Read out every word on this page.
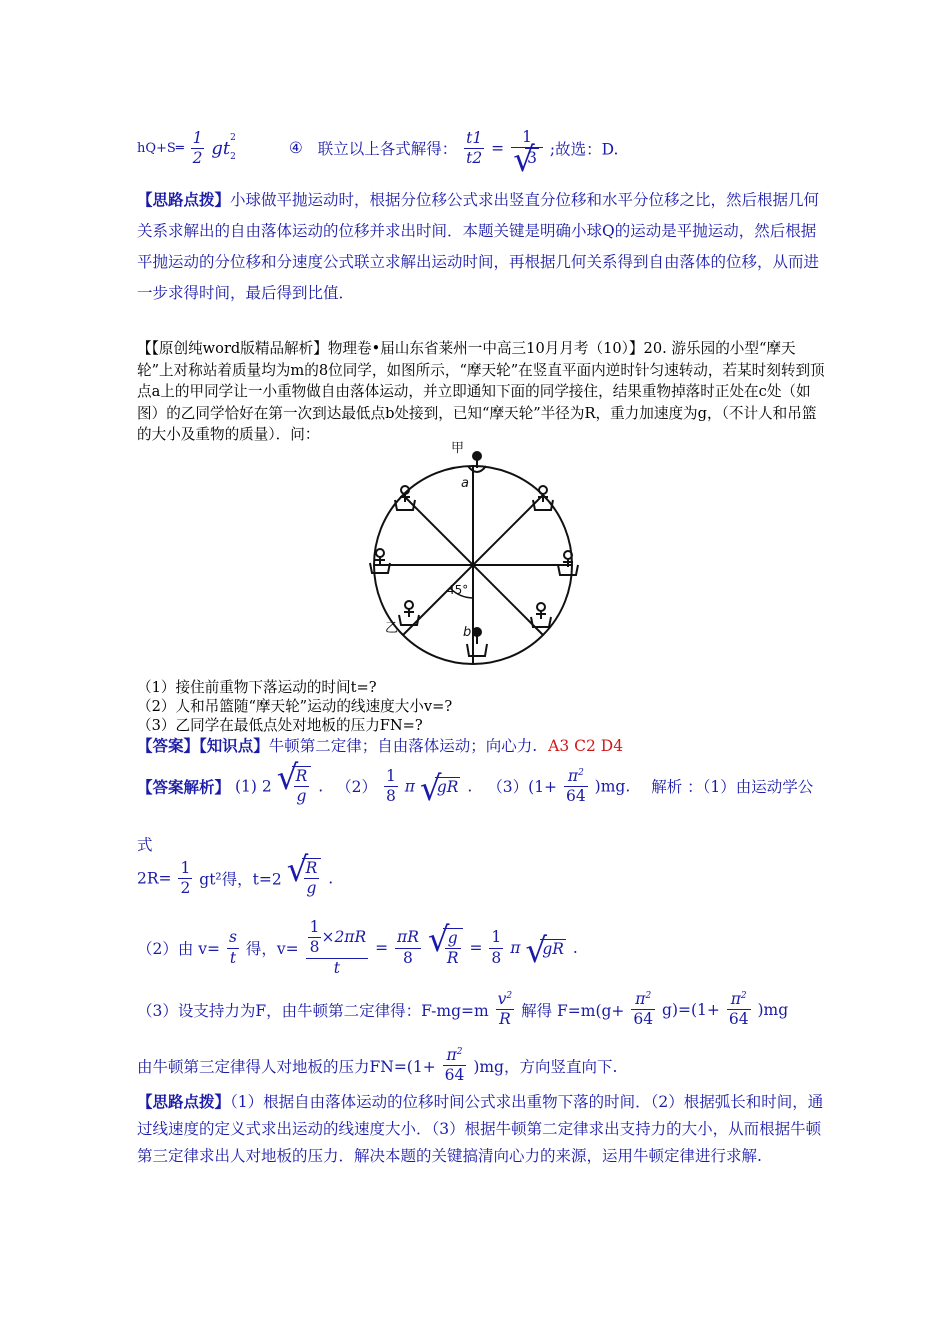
hQ+S═ $\frac{1}{2} gt^2$
$_2$ ④ 联立以上各式解得： $\frac{t1}{t2} = 1$
√ 3 ;故选：D.
【思路点拨】小球做平抛运动时，根据分位移公式求出竖直分位移和水平分位移之比，然后根据几何关系求解出的自由落体运动的位移并求出时间．本题关键是明确小球Q的运动是平抛运动，然后根据平抛运动的分位移和分速度公式联立求解出运动时间，再根据几何关系得到自由落体的位移，从而进一步求得时间，最后得到比值．
【【原创纯word版精品解析】物理卷•届山东省莱州一中高三10月月考（10）】20. 游乐园的小型“摩天轮”上对称站着质量均为m的8位同学，如图所示，“摩天轮”在竖直平面内逆时针匀速转动，若某时刻转到顶点a上的甲同学让一小重物做自由落体运动，并立即通知下面的同学接住，结果重物掉落时正处在c处（如图）的乙同学恰好在第一次到达最低点b处接到，已知“摩天轮”半径为R，重力加速度为g，（不计人和吊篮的大小及重物的质量）．问：
甲
a
b
乙
45°
（1）接住前重物下落运动的时间t=?
（2）人和吊篮随“摩天轮”运动的线速度大小v=?
（3）乙同学在最低点处对地板的压力FN=?
【答案】【知识点】牛顿第二定律；自由落体运动；向心力. A3 C2 D4
【答案解析】 (1) 2 √ $\frac{R}{g}$ . $(2) \frac{1}{8}$ π √ gR . $(3)(1+ \frac{\pi^2}{64} )mg$. 解析 ：（1）由运动学公
式
$2R= \frac{1}{2} gt^2$得，t=2 √ $\frac{R}{g}$ .
（2）由 $v= \frac{s}{t}$ 得，$v= \frac{\frac{1}{8} \times 2\pi R}{t} = \frac{\pi R}{8}$
√ $\frac{g}{R} = \frac{1}{8}$ π √ gR .
（3）设支持力为F，由牛顿第二定律得：$F-mg=m \frac{v^2}{R}$ 解得 $F=m(g+ \frac{\pi^2}{64} g)=(1+ \frac{\pi^2}{64} )mg$
由牛顿第三定律得人对地板的压力$FN=(1+ \frac{\pi^2}{64} )mg$，方向竖直向下.
【思路点拨】（1）根据自由落体运动的位移时间公式求出重物下落的时间．（2）根据弧长和时间，通过线速度的定义式求出运动的线速度大小．（3）根据牛顿第二定律求出支持力的大小，从而根据牛顿第三定律求出人对地板的压力．解决本题的关键搞清向心力的来源，运用牛顿定律进行求解.
